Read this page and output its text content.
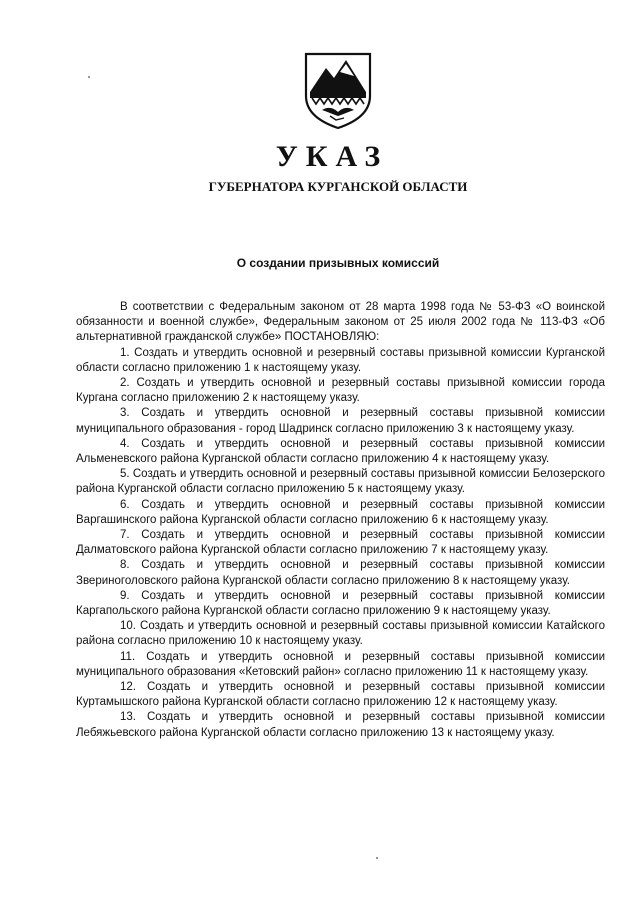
УКАЗ
ГУБЕРНАТОРА КУРГАНСКОЙ ОБЛАСТИ
О создании призывных комиссий

В соответствии с Федеральным законом от 28 марта 1998 года № 53-ФЗ «О воинской обязанности и военной службе», Федеральным законом от 25 июля 2002 года № 113-ФЗ «Об альтернативной гражданской службе» ПОСТАНОВЛЯЮ:

1. Создать и утвердить основной и резервный составы призывной комиссии Курганской области согласно приложению 1 к настоящему указу.

2. Создать и утвердить основной и резервный составы призывной комиссии города Кургана согласно приложению 2 к настоящему указу.

3. Создать и утвердить основной и резервный составы призывной комиссии муниципального образования - город Шадринск согласно приложению 3 к настоящему указу.

4. Создать и утвердить основной и резервный составы призывной комиссии Альменевского района Курганской области согласно приложению 4 к настоящему указу.

5. Создать и утвердить основной и резервный составы призывной комиссии Белозерского района Курганской области согласно приложению 5 к настоящему указу.

6. Создать и утвердить основной и резервный составы призывной комиссии Варгашинского района Курганской области согласно приложению 6 к настоящему указу.

7. Создать и утвердить основной и резервный составы призывной комиссии Далматовского района Курганской области согласно приложению 7 к настоящему указу.

8. Создать и утвердить основной и резервный составы призывной комиссии Звериноголовского района Курганской области согласно приложению 8 к настоящему указу.

9. Создать и утвердить основной и резервный составы призывной комиссии Каргапольского района Курганской области согласно приложению 9 к настоящему указу.

10. Создать и утвердить основной и резервный составы призывной комиссии Катайского района согласно приложению 10 к настоящему указу.

11. Создать и утвердить основной и резервный составы призывной комиссии муниципального образования «Кетовский район» согласно приложению 11 к настоящему указу.

12. Создать и утвердить основной и резервный составы призывной комиссии Куртамышского района Курганской области согласно приложению 12 к настоящему указу.

13. Создать и утвердить основной и резервный составы призывной комиссии Лебяжьевского района Курганской области согласно приложению 13 к настоящему указу.
